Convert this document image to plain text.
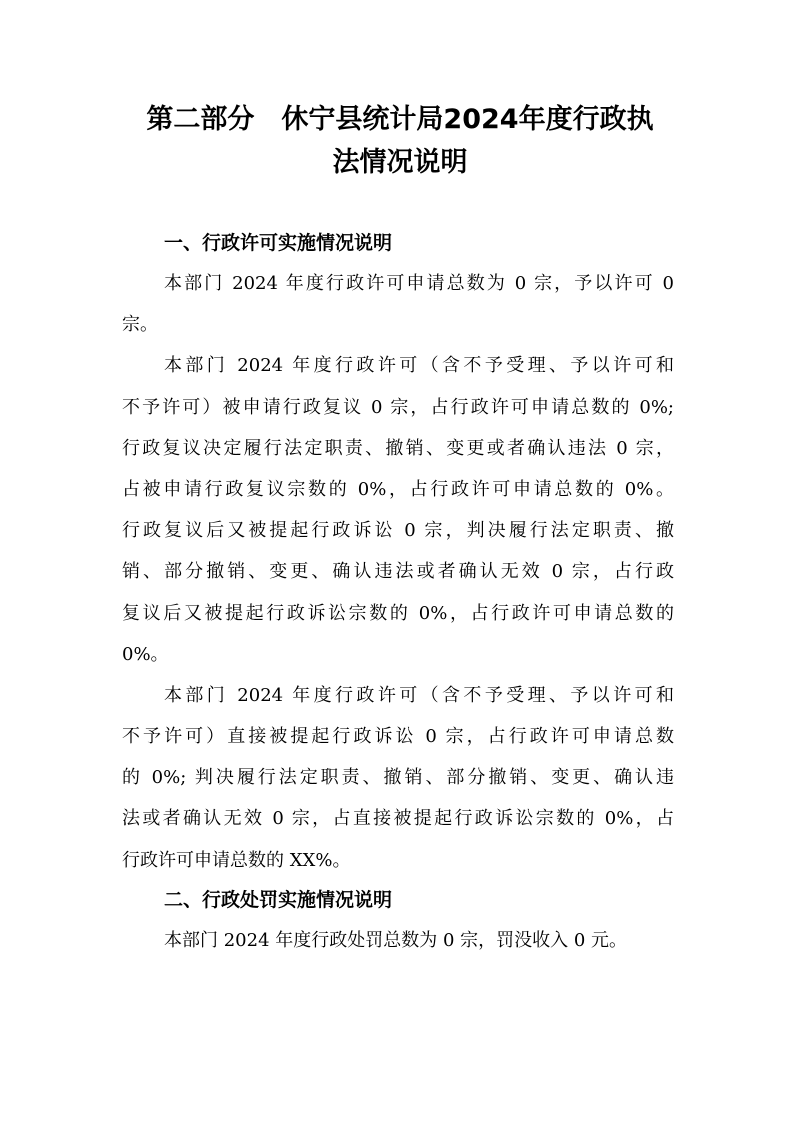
第二部分　休宁县统计局2024年度行政执
法情况说明
一、行政许可实施情况说明

本部门 2024 年度行政许可申请总数为 0 宗，予以许可 0
宗。

本部门 2024 年度行政许可（含不予受理、予以许可和
不予许可）被申请行政复议 0 宗，占行政许可申请总数的 0%;
行政复议决定履行法定职责、撤销、变更或者确认违法 0 宗，
占被申请行政复议宗数的 0%，占行政许可申请总数的 0%。
行政复议后又被提起行政诉讼 0 宗，判决履行法定职责、撤
销、部分撤销、变更、确认违法或者确认无效 0 宗，占行政
复议后又被提起行政诉讼宗数的 0%，占行政许可申请总数的
0%。

本部门 2024 年度行政许可（含不予受理、予以许可和
不予许可）直接被提起行政诉讼 0 宗，占行政许可申请总数
的 0%; 判决履行法定职责、撤销、部分撤销、变更、确认违
法或者确认无效 0 宗，占直接被提起行政诉讼宗数的 0%，占
行政许可申请总数的 XX%。

二、行政处罚实施情况说明

本部门 2024 年度行政处罚总数为 0 宗，罚没收入 0 元。
